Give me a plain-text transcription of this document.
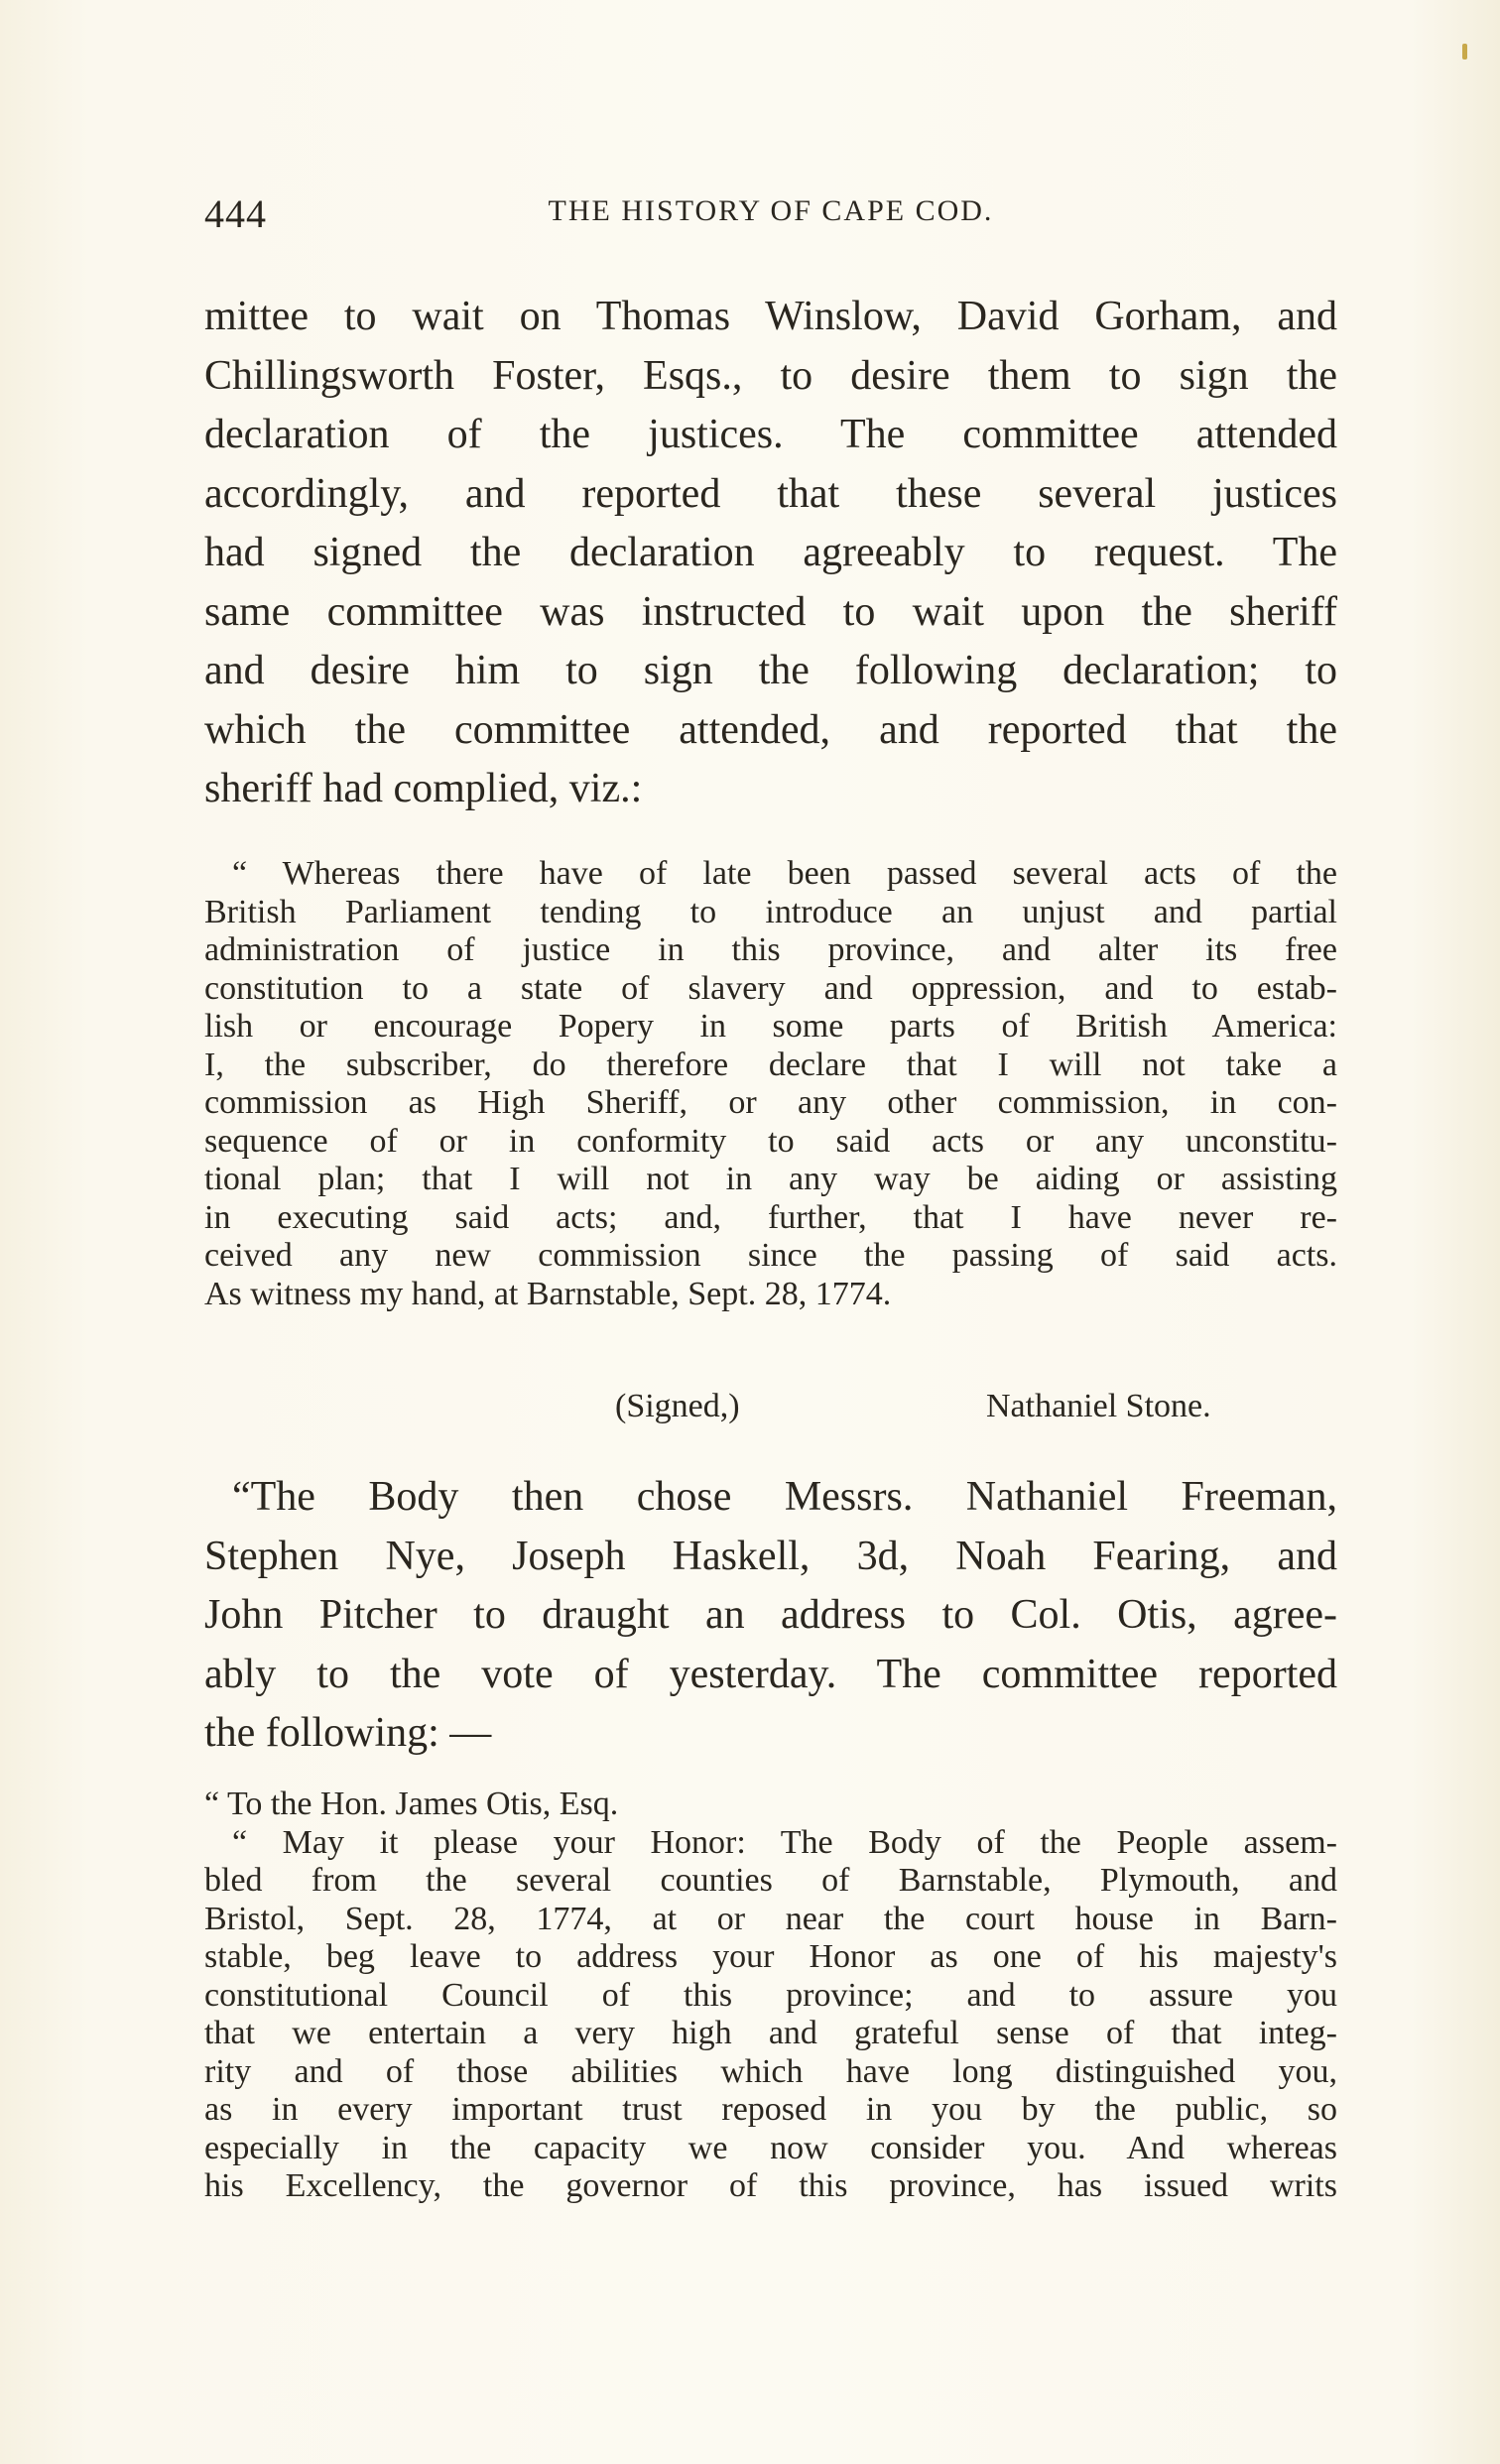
444	THE HISTORY OF CAPE COD.

mittee to wait on Thomas Winslow, David Gorham, and
Chillingsworth Foster, Esqs., to desire them to sign the
declaration of the justices. The committee attended
accordingly, and reported that these several justices
had signed the declaration agreeably to request. The
same committee was instructed to wait upon the sheriff
and desire him to sign the following declaration; to
which the committee attended, and reported that the
sheriff had complied, viz.:

“ Whereas there have of late been passed several acts of the
British Parliament tending to introduce an unjust and partial
administration of justice in this province, and alter its free
constitution to a state of slavery and oppression, and to estab-
lish or encourage Popery in some parts of British America:
I, the subscriber, do therefore declare that I will not take a
commission as High Sheriff, or any other commission, in con-
sequence of or in conformity to said acts or any unconstitu-
tional plan; that I will not in any way be aiding or assisting
in executing said acts; and, further, that I have never re-
ceived any new commission since the passing of said acts.
As witness my hand, at Barnstable, Sept. 28, 1774.

(Signed,)	Nathaniel Stone.

“The Body then chose Messrs. Nathaniel Freeman,
Stephen Nye, Joseph Haskell, 3d, Noah Fearing, and
John Pitcher to draught an address to Col. Otis, agree-
ably to the vote of yesterday. The committee reported
the following: —

“ To the Hon. James Otis, Esq.
“ May it please your Honor: The Body of the People assem-
bled from the several counties of Barnstable, Plymouth, and
Bristol, Sept. 28, 1774, at or near the court house in Barn-
stable, beg leave to address your Honor as one of his majesty's
constitutional Council of this province; and to assure you
that we entertain a very high and grateful sense of that integ-
rity and of those abilities which have long distinguished you,
as in every important trust reposed in you by the public, so
especially in the capacity we now consider you. And whereas
his Excellency, the governor of this province, has issued writs
